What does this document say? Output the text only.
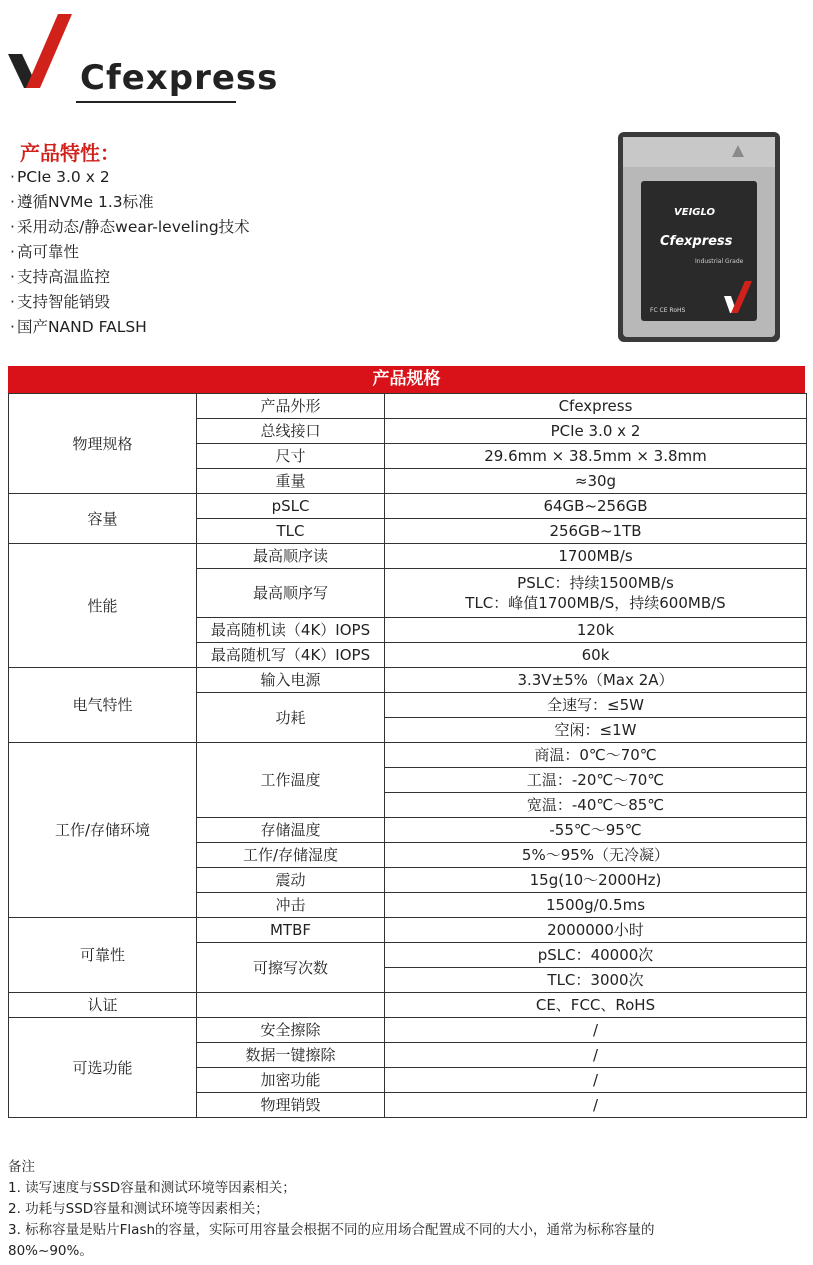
Cfexpress
产品特性：
· PCIe 3.0 x 2
· 遵循NVMe 1.3标准
· 采用动态/静态wear-leveling技术
· 高可靠性
· 支持高温监控
· 支持智能销毁
· 国产NAND FALSH
VEIGLO
Cfexpress
Industrial Grade
FC CE RoHS
产品规格
物理规格	产品外形	Cfexpress
	总线接口	PCIe 3.0 x 2
	尺寸	29.6mm × 38.5mm × 3.8mm
	重量	≈30g
容量	pSLC	64GB~256GB
	TLC	256GB~1TB
性能	最高顺序读	1700MB/s
	最高顺序写	PSLC：持续1500MB/s
TLC：峰值1700MB/S，持续600MB/S

	最高随机读（4K）IOPS	120k
	最高随机写（4K）IOPS	60k
电气特性	输入电源	3.3V±5%（Max 2A）
	功耗	全速写：≤5W
		空闲：≤1W
工作/存储环境	工作温度	商温：0℃～70℃
		工温：-20℃～70℃
		宽温：-40℃～85℃
	存储温度	-55℃～95℃
	工作/存储湿度	5%～95%（无冷凝）
	震动	15g(10～2000Hz)
	冲击	1500g/0.5ms
可靠性	MTBF	2000000小时
	可擦写次数	pSLC：40000次
		TLC：3000次
认证		CE、FCC、RoHS
可选功能	安全擦除	/
	数据一键擦除	/
	加密功能	/
	物理销毁	/

备注

1. 读写速度与SSD容量和测试环境等因素相关；

2. 功耗与SSD容量和测试环境等因素相关；

3. 标称容量是贴片Flash的容量，实际可用容量会根据不同的应用场合配置成不同的大小，通常为标称容量的

80%~90%。
